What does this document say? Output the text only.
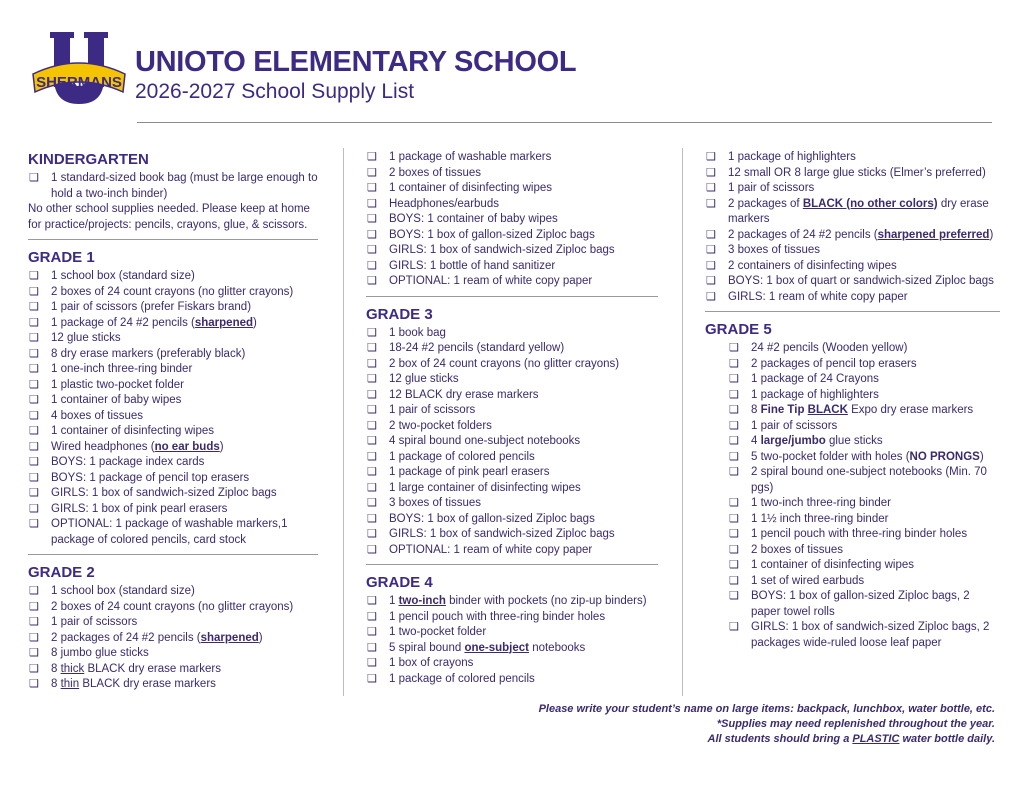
SHERMANS
UNIOTO ELEMENTARY SCHOOL
2026-2027 School Supply List
KINDERGARTEN
❑ 1 standard-sized book bag (must be large enough to hold a two-inch binder)

No other school supplies needed. Please keep at home for practice/projects: pencils, crayons, glue, & scissors.

GRADE 1
❑ 1 school box (standard size)
❑ 2 boxes of 24 count crayons (no glitter crayons)
❑ 1 pair of scissors (prefer Fiskars brand)
❑ 1 package of 24 #2 pencils (sharpened)
❑ 12 glue sticks
❑ 8 dry erase markers (preferably black)
❑ 1 one-inch three-ring binder
❑ 1 plastic two-pocket folder
❑ 1 container of baby wipes
❑ 4 boxes of tissues
❑ 1 container of disinfecting wipes
❑ Wired headphones (no ear buds)
❑ BOYS: 1 package index cards
❑ BOYS: 1 package of pencil top erasers
❑ GIRLS: 1 box of sandwich-sized Ziploc bags
❑ GIRLS: 1 box of pink pearl erasers
❑ OPTIONAL: 1 package of washable markers,1 package of colored pencils, card stock
GRADE 2
❑ 1 school box (standard size)
❑ 2 boxes of 24 count crayons (no glitter crayons)
❑ 1 pair of scissors
❑ 2 packages of 24 #2 pencils (sharpened)
❑ 8 jumbo glue sticks
❑ 8 thick BLACK dry erase markers
❑ 8 thin BLACK dry erase markers
❑ 1 package of washable markers
❑ 2 boxes of tissues
❑ 1 container of disinfecting wipes
❑ Headphones/earbuds
❑ BOYS: 1 container of baby wipes
❑ BOYS: 1 box of gallon-sized Ziploc bags
❑ GIRLS: 1 box of sandwich-sized Ziploc bags
❑ GIRLS: 1 bottle of hand sanitizer
❑ OPTIONAL: 1 ream of white copy paper
GRADE 3
❑ 1 book bag
❑ 18-24 #2 pencils (standard yellow)
❑ 2 box of 24 count crayons (no glitter crayons)
❑ 12 glue sticks
❑ 12 BLACK dry erase markers
❑ 1 pair of scissors
❑ 2 two-pocket folders
❑ 4 spiral bound one-subject notebooks
❑ 1 package of colored pencils
❑ 1 package of pink pearl erasers
❑ 1 large container of disinfecting wipes
❑ 3 boxes of tissues
❑ BOYS: 1 box of gallon-sized Ziploc bags
❑ GIRLS: 1 box of sandwich-sized Ziploc bags
❑ OPTIONAL: 1 ream of white copy paper
GRADE 4
❑ 1 two-inch binder with pockets (no zip-up binders)
❑ 1 pencil pouch with three-ring binder holes
❑ 1 two-pocket folder
❑ 5 spiral bound one-subject notebooks
❑ 1 box of crayons
❑ 1 package of colored pencils
❑ 1 package of highlighters
❑ 12 small OR 8 large glue sticks (Elmer’s preferred)
❑ 1 pair of scissors
❑ 2 packages of BLACK (no other colors) dry erase markers
❑ 2 packages of 24 #2 pencils (sharpened preferred)
❑ 3 boxes of tissues
❑ 2 containers of disinfecting wipes
❑ BOYS: 1 box of quart or sandwich-sized Ziploc bags
❑ GIRLS: 1 ream of white copy paper
GRADE 5
❑ 24 #2 pencils (Wooden yellow)
❑ 2 packages of pencil top erasers
❑ 1 package of 24 Crayons
❑ 1 package of highlighters
❑ 8 Fine Tip BLACK Expo dry erase markers
❑ 1 pair of scissors
❑ 4 large/jumbo glue sticks
❑ 5 two-pocket folder with holes (NO PRONGS)
❑ 2 spiral bound one-subject notebooks (Min. 70 pgs)
❑ 1 two-inch three-ring binder
❑ 1 1½ inch three-ring binder
❑ 1 pencil pouch with three-ring binder holes
❑ 2 boxes of tissues
❑ 1 container of disinfecting wipes
❑ 1 set of wired earbuds
❑ BOYS: 1 box of gallon-sized Ziploc bags, 2 paper towel rolls
❑ GIRLS: 1 box of sandwich-sized Ziploc bags, 2 packages wide-ruled loose leaf paper
Please write your student’s name on large items: backpack, lunchbox, water bottle, etc.
*Supplies may need replenished throughout the year.
All students should bring a PLASTIC water bottle daily.
